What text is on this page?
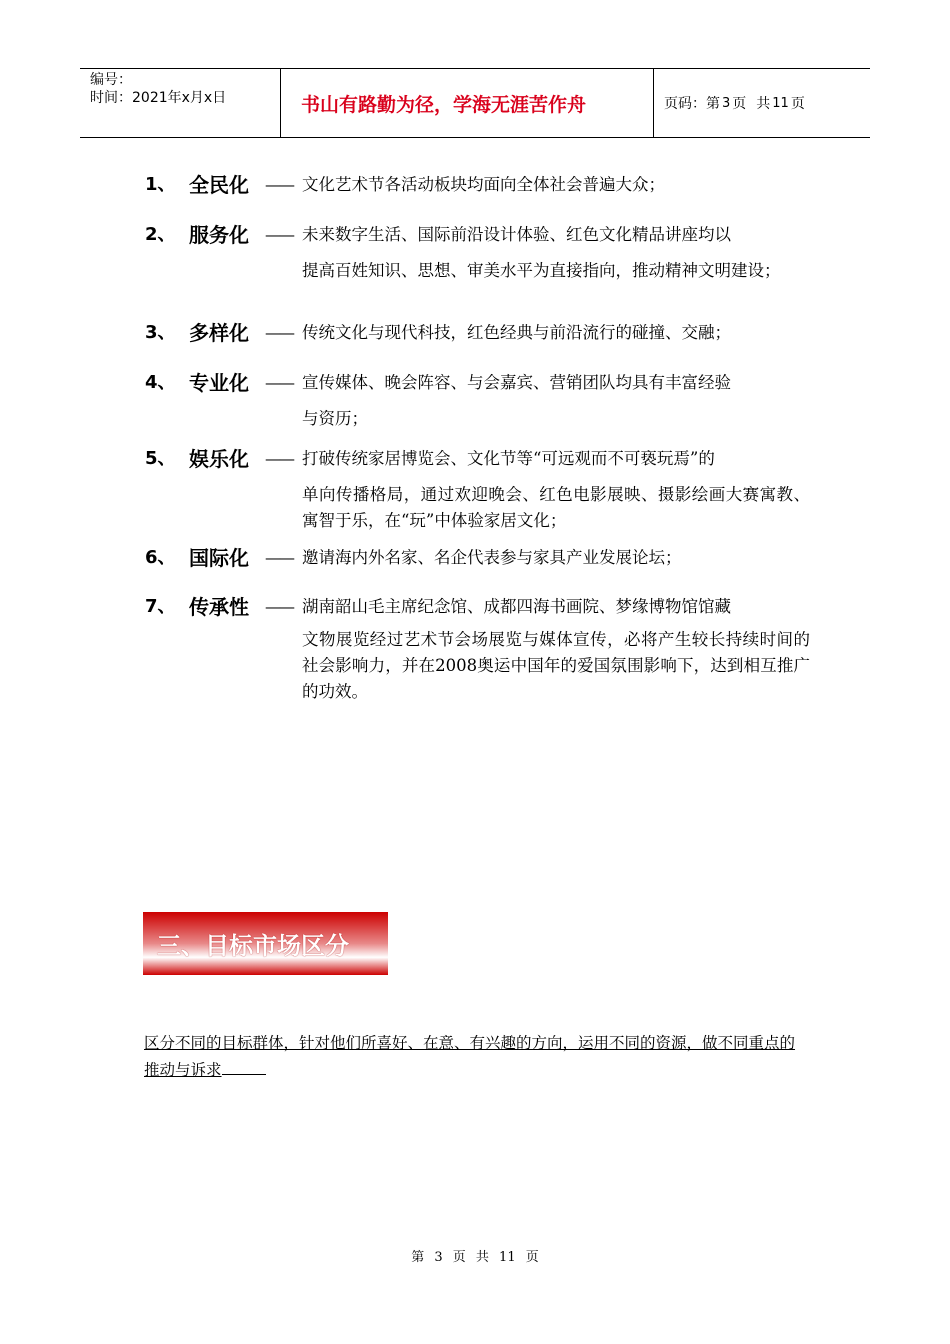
编号：
时间：2021年x月x日	书山有路勤为径，学海无涯苦作舟	页码：第 3 页 共 11 页
1、 全民化	—— 文化艺术节各活动板块均面向全体社会普遍大众；
2、 服务化	—— 未来数字生活、国际前沿设计体验、红色文化精品讲座均以
提高百姓知识、思想、审美水平为直接指向，推动精神文明建设；
3、 多样化	—— 传统文化与现代科技，红色经典与前沿流行的碰撞、交融；
4、 专业化	—— 宣传媒体、晚会阵容、与会嘉宾、营销团队均具有丰富经验
与资历；
5、 娱乐化	—— 打破传统家居博览会、文化节等“可远观而不可亵玩焉”的
单向传播格局，通过欢迎晚会、红色电影展映、摄影绘画大赛寓教、寓智于乐，在“玩”中体验家居文化；
6、 国际化	—— 邀请海内外名家、名企代表参与家具产业发展论坛；
7、 传承性	—— 湖南韶山毛主席纪念馆、成都四海书画院、梦缘博物馆馆藏
文物展览经过艺术节会场展览与媒体宣传，必将产生较长持续时间的社会影响力，并在2008奥运中国年的爱国氛围影响下，达到相互推广的功效。
三、目标市场区分
区分不同的目标群体，针对他们所喜好、在意、有兴趣的方向，运用不同的资源，做不同重点的推动与诉求
第 3 页 共 11 页
